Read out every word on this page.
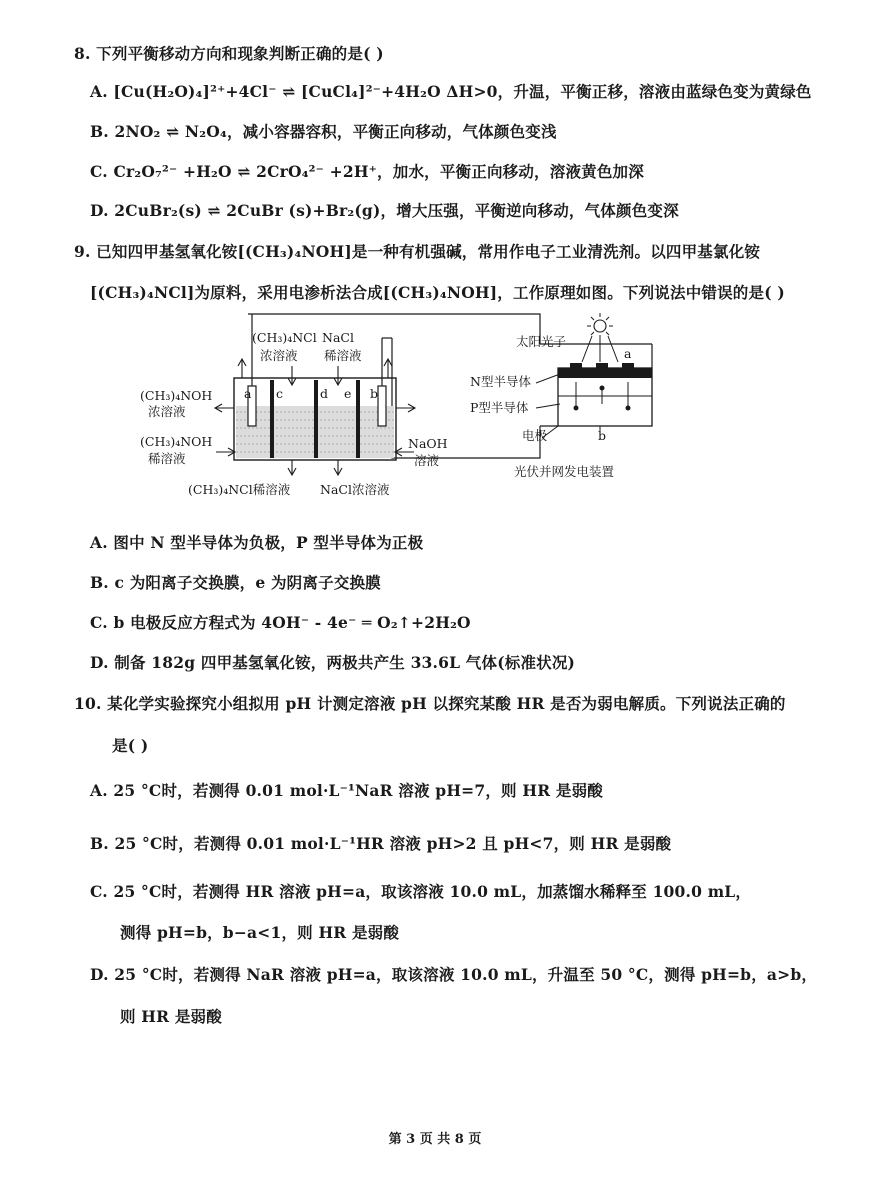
8. 下列平衡移动方向和现象判断正确的是( )
A. [Cu(H₂O)₄]²⁺+4Cl⁻ ⇌ [CuCl₄]²⁻+4H₂O ΔH>0，升温，平衡正移，溶液由蓝绿色变为黄绿色
B. 2NO₂ ⇌ N₂O₄，减小容器容积，平衡正向移动，气体颜色变浅
C. Cr₂O₇²⁻ +H₂O ⇌ 2CrO₄²⁻ +2H⁺，加水，平衡正向移动，溶液黄色加深
D. 2CuBr₂(s) ⇌ 2CuBr (s)+Br₂(g)，增大压强，平衡逆向移动，气体颜色变深
9. 已知四甲基氢氧化铵[(CH₃)₄NOH]是一种有机强碱，常用作电子工业清洗剂。以四甲基氯化铵
[(CH₃)₄NCl]为原料，采用电渗析法合成[(CH₃)₄NOH]，工作原理如图。下列说法中错误的是( )
a c	d e b
(CH₃)₄NCl
浓溶液
NaCl
稀溶液
(CH₃)₄NOH
浓溶液
(CH₃)₄NOH
稀溶液
NaOH
溶液
(CH₃)₄NCl稀溶液 NaCl浓溶液
太阳光子
a
N型半导体
P型半导体
电极	b
光伏并网发电装置
A. 图中 N 型半导体为负极，P 型半导体为正极
B. c 为阳离子交换膜，e 为阴离子交换膜
C. b 电极反应方程式为 4OH⁻ - 4e⁻ ═ O₂↑+2H₂O
D. 制备 182g 四甲基氢氧化铵，两极共产生 33.6L 气体(标准状况)
10. 某化学实验探究小组拟用 pH 计测定溶液 pH 以探究某酸 HR 是否为弱电解质。下列说法正确的
是( )
A. 25 °C时，若测得 0.01 mol·L⁻¹NaR 溶液 pH=7，则 HR 是弱酸
B. 25 °C时，若测得 0.01 mol·L⁻¹HR 溶液 pH>2 且 pH<7，则 HR 是弱酸
C. 25 °C时，若测得 HR 溶液 pH=a，取该溶液 10.0 mL，加蒸馏水稀释至 100.0 mL，
测得 pH=b，b−a<1，则 HR 是弱酸
D. 25 °C时，若测得 NaR 溶液 pH=a，取该溶液 10.0 mL，升温至 50 °C，测得 pH=b，a>b，
则 HR 是弱酸
第 3 页 共 8 页
